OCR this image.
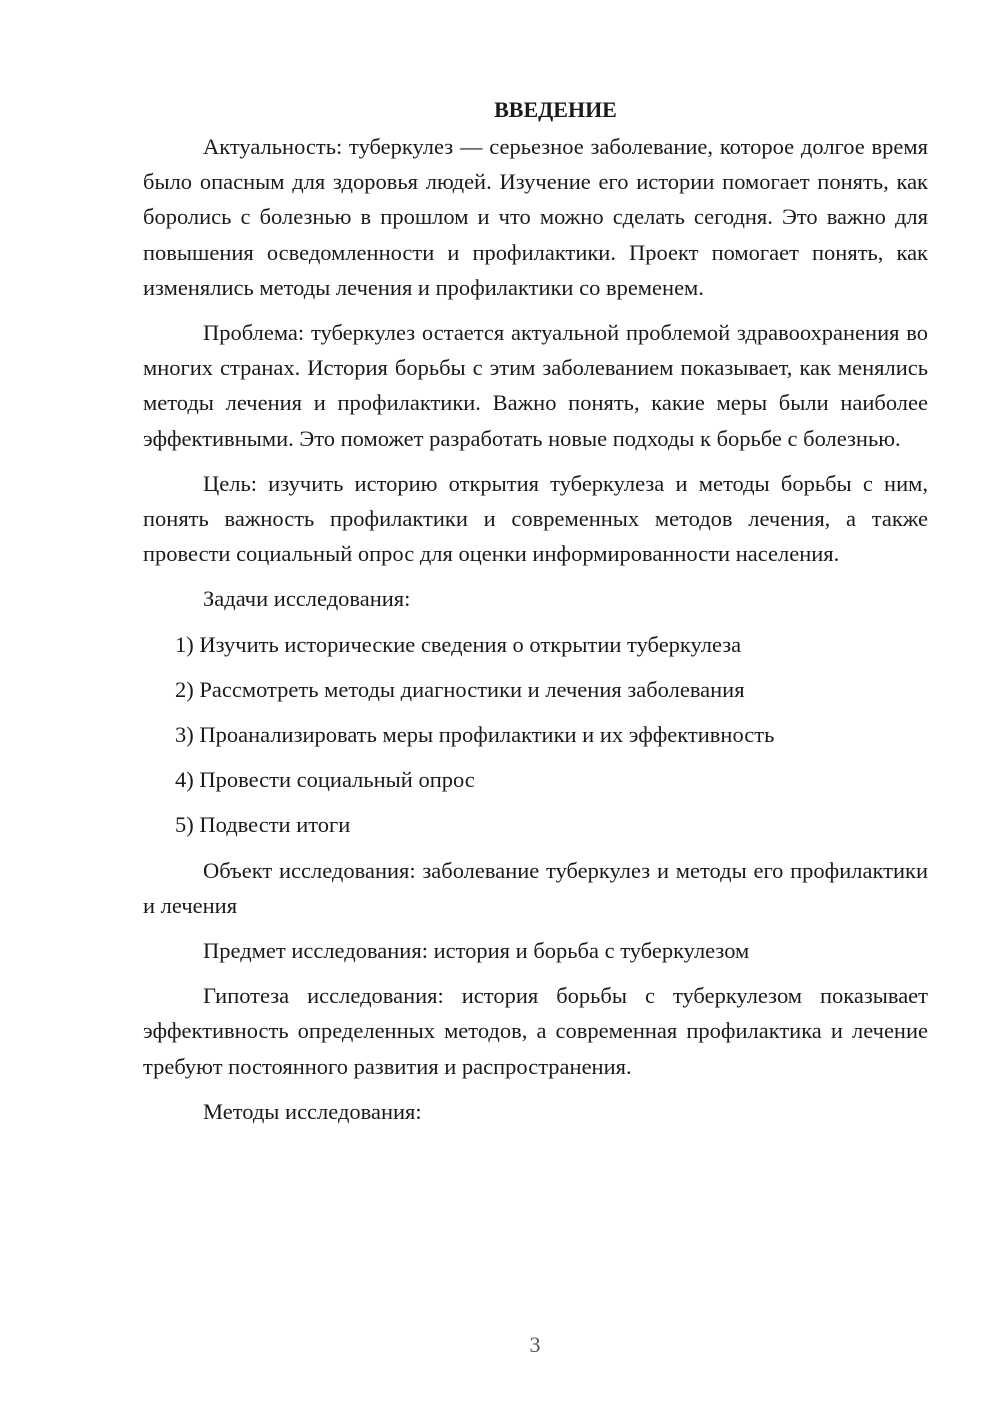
ВВЕДЕНИЕ

Актуальность: туберкулез — серьезное заболевание, которое долгое время было опасным для здоровья людей. Изучение его истории помогает понять, как боролись с болезнью в прошлом и что можно сделать сегодня. Это важно для повышения осведомленности и профилактики. Проект помогает понять, как изменялись методы лечения и профилактики со временем.

Проблема: туберкулез остается актуальной проблемой здравоохранения во многих странах. История борьбы с этим заболеванием показывает, как менялись методы лечения и профилактики. Важно понять, какие меры были наиболее эффективными. Это поможет разработать новые подходы к борьбе с болезнью.

Цель: изучить историю открытия туберкулеза и методы борьбы с ним, понять важность профилактики и современных методов лечения, а также провести социальный опрос для оценки информированности населения.

Задачи исследования:

1) Изучить исторические сведения о открытии туберкулеза

2) Рассмотреть методы диагностики и лечения заболевания

3) Проанализировать меры профилактики и их эффективность

4) Провести социальный опрос

5) Подвести итоги

Объект исследования: заболевание туберкулез и методы его профилактики и лечения

Предмет исследования: история и борьба с туберкулезом

Гипотеза исследования: история борьбы с туберкулезом показывает эффективность определенных методов, а современная профилактика и лечение требуют постоянного развития и распространения.

Методы исследования:

3
